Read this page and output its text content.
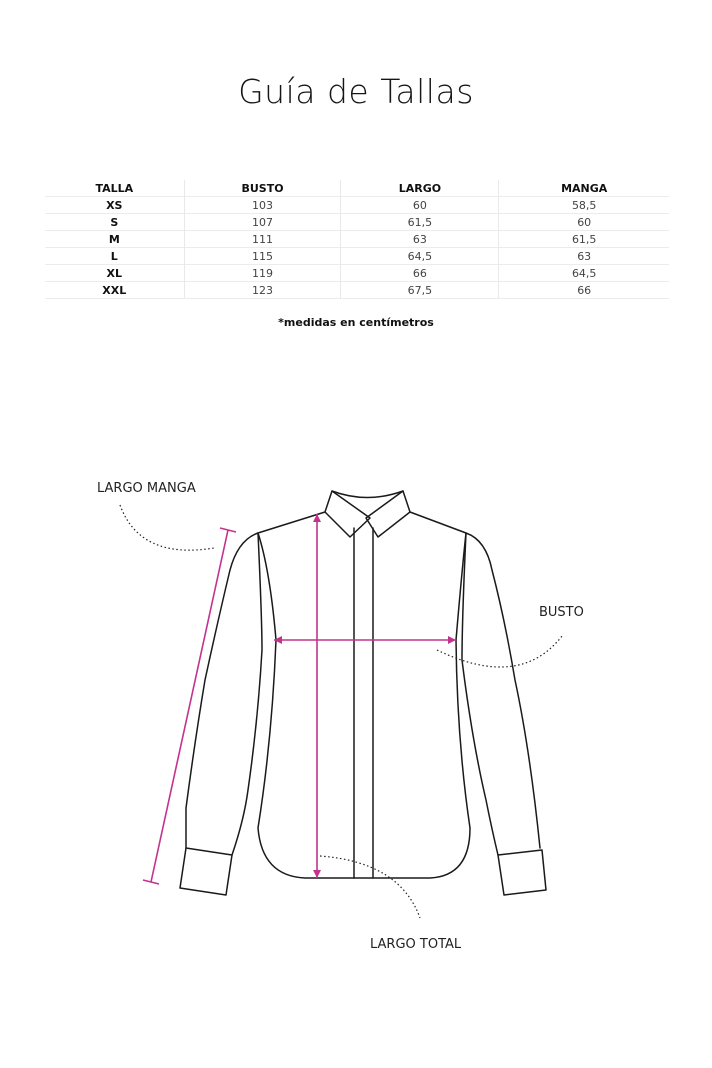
Guía de Tallas
TALLA	BUSTO	LARGO	MANGA
XS	103	60	58,5
S	107	61,5	60
M	111	63	61,5
L	115	64,5	63
XL	119	66	64,5
XXL	123	67,5	66
*medidas en centímetros
LARGO MANGA
BUSTO
LARGO TOTAL
